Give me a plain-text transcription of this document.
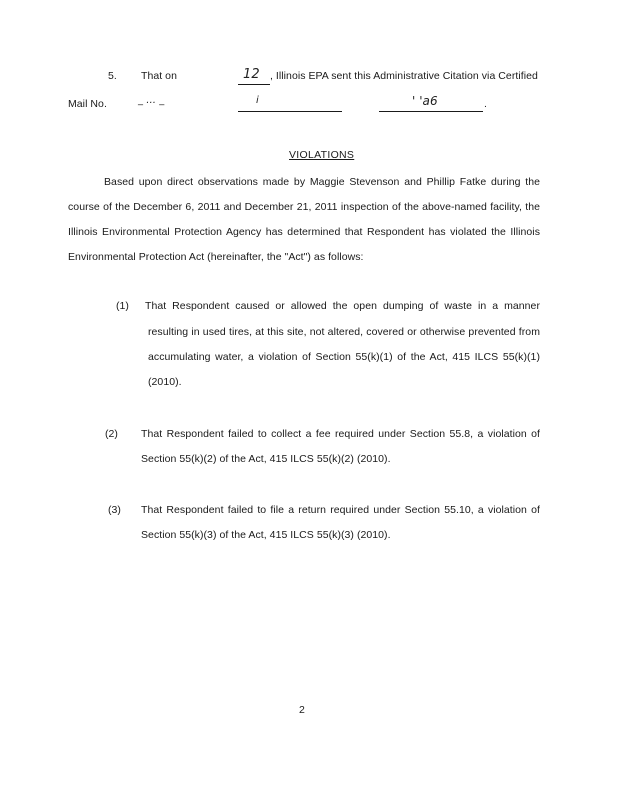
5. That on	12 , Illinois EPA sent this Administrative Citation via Certified
Mail No.	_ ... _	i	' 'a6	.
VIOLATIONS
Based upon direct observations made by Maggie Stevenson and Phillip Fatke during the
course of the December 6, 2011 and December 21, 2011 inspection of the above-named facility, the
Illinois Environmental Protection Agency has determined that Respondent has violated the Illinois
Environmental Protection Act (hereinafter, the "Act") as follows:
(1) That Respondent caused or allowed the open dumping of waste in a manner
resulting in used tires, at this site, not altered, covered or otherwise prevented from
accumulating water, a violation of Section 55(k)(1) of the Act, 415 ILCS 55(k)(1)
(2010).
(2) That Respondent failed to collect a fee required under Section 55.8, a violation of
Section 55(k)(2) of the Act, 415 ILCS 55(k)(2) (2010).
(3) That Respondent failed to file a return required under Section 55.10, a violation of
Section 55(k)(3) of the Act, 415 ILCS 55(k)(3) (2010).
2
